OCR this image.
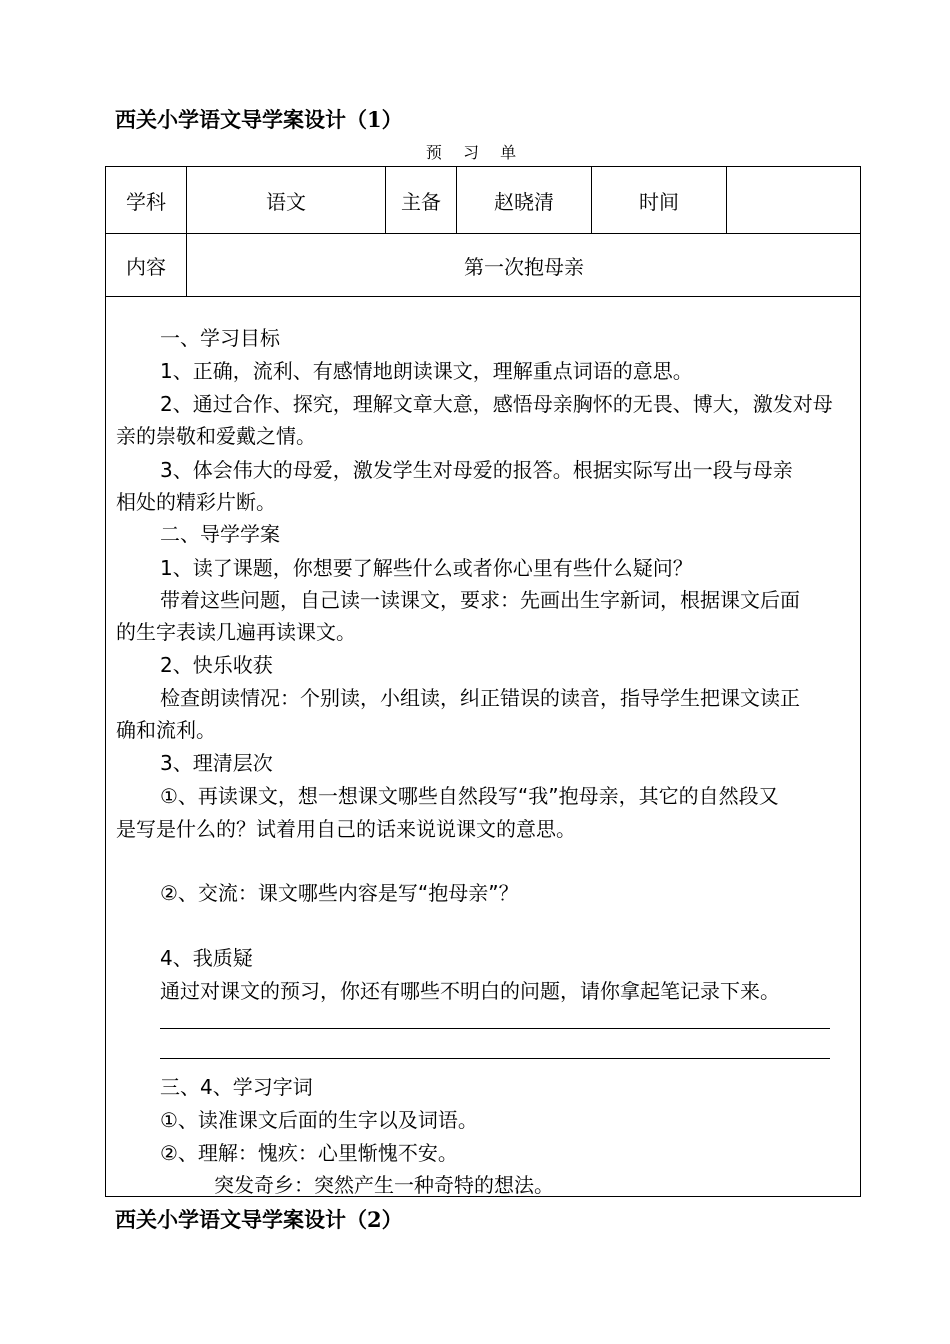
西关小学语文导学案设计（1）
预 习 单
学科	语文	主备	赵晓清	时间
内容	第一次抱母亲
一、学习目标
1、正确，流利、有感情地朗读课文，理解重点词语的意思。
2、通过合作、探究，理解文章大意，感悟母亲胸怀的无畏、博大，激发对母
亲的崇敬和爱戴之情。
3、体会伟大的母爱，激发学生对母爱的报答。根据实际写出一段与母亲
相处的精彩片断。
二、导学学案
1、读了课题，你想要了解些什么或者你心里有些什么疑问？
带着这些问题，自己读一读课文，要求：先画出生字新词，根据课文后面
的生字表读几遍再读课文。
2、快乐收获
检查朗读情况：个别读，小组读，纠正错误的读音，指导学生把课文读正
确和流利。
3、理清层次
①、再读课文，想一想课文哪些自然段写“我”抱母亲，其它的自然段又
是写是什么的？试着用自己的话来说说课文的意思。
②、交流：课文哪些内容是写“抱母亲”？
4、我质疑
通过对课文的预习，你还有哪些不明白的问题，请你拿起笔记录下来。
三、4、学习字词
①、读准课文后面的生字以及词语。
②、理解：愧疚：心里惭愧不安。
突发奇乡：突然产生一种奇特的想法。
西关小学语文导学案设计（2）
